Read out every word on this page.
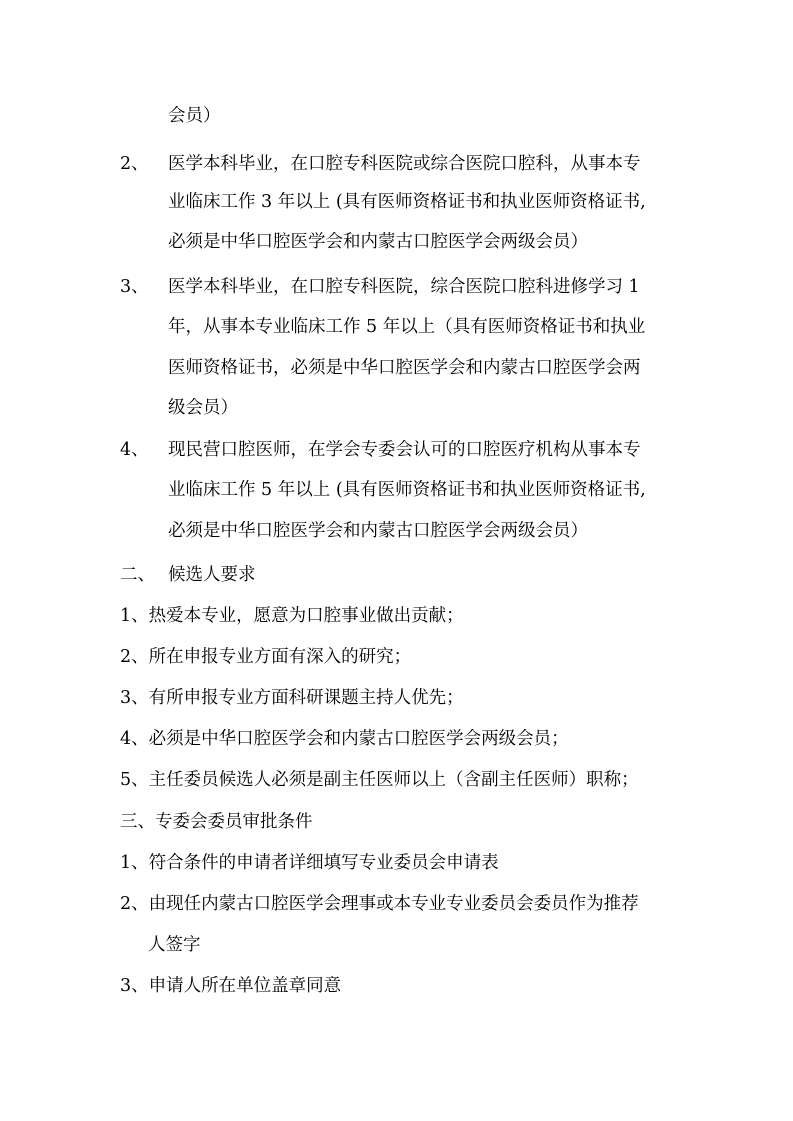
会员）
2、 医学本科毕业，在口腔专科医院或综合医院口腔科，从事本专
业临床工作 3 年以上 (具有医师资格证书和执业医师资格证书,
必须是中华口腔医学会和内蒙古口腔医学会两级会员）
3、 医学本科毕业，在口腔专科医院，综合医院口腔科进修学习 1
年，从事本专业临床工作 5 年以上（具有医师资格证书和执业
医师资格证书，必须是中华口腔医学会和内蒙古口腔医学会两
级会员）
4、 现民营口腔医师，在学会专委会认可的口腔医疗机构从事本专
业临床工作 5 年以上 (具有医师资格证书和执业医师资格证书,
必须是中华口腔医学会和内蒙古口腔医学会两级会员）
二、 候选人要求
1、热爱本专业，愿意为口腔事业做出贡献；
2、所在申报专业方面有深入的研究；
3、有所申报专业方面科研课题主持人优先；
4、必须是中华口腔医学会和内蒙古口腔医学会两级会员；
5、主任委员候选人必须是副主任医师以上（含副主任医师）职称；
三、专委会委员审批条件
1、符合条件的申请者详细填写专业委员会申请表
2、由现任内蒙古口腔医学会理事或本专业专业委员会委员作为推荐
人签字
3、申请人所在单位盖章同意
